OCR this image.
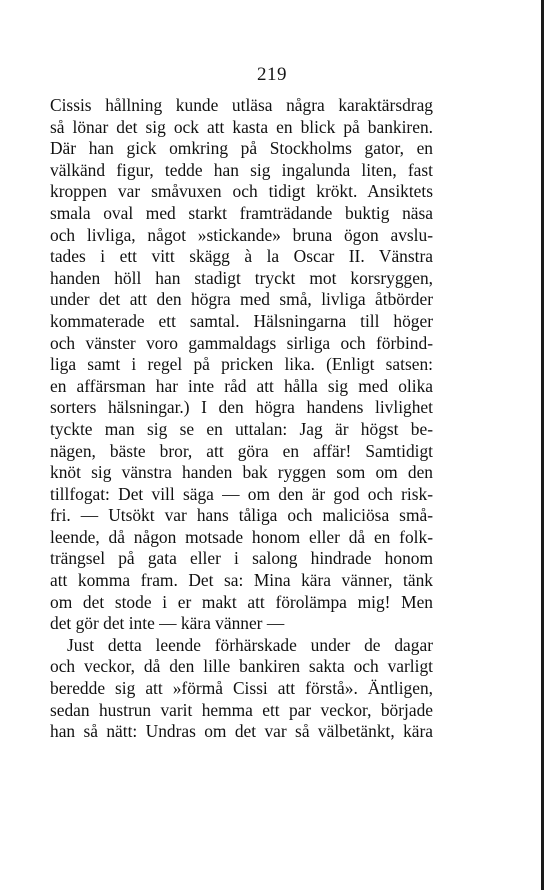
219
Cissis hållning kunde utläsa några karaktärsdrag
så lönar det sig ock att kasta en blick på bankiren.
Där han gick omkring på Stockholms gator, en
välkänd figur, tedde han sig ingalunda liten, fast
kroppen var småvuxen och tidigt krökt. Ansiktets
smala oval med starkt framträdande buktig näsa
och livliga, något »stickande» bruna ögon avslu-
tades i ett vitt skägg à la Oscar II. Vänstra
handen höll han stadigt tryckt mot korsryggen,
under det att den högra med små, livliga åtbörder
kommaterade ett samtal. Hälsningarna till höger
och vänster voro gammaldags sirliga och förbind-
liga samt i regel på pricken lika. (Enligt satsen:
en affärsman har inte råd att hålla sig med olika
sorters hälsningar.) I den högra handens livlighet
tyckte man sig se en uttalan: Jag är högst be-
nägen, bäste bror, att göra en affär! Samtidigt
knöt sig vänstra handen bak ryggen som om den
tillfogat: Det vill säga — om den är god och risk-
fri. — Utsökt var hans tåliga och maliciösa små-
leende, då någon motsade honom eller då en folk-
trängsel på gata eller i salong hindrade honom
att komma fram. Det sa: Mina kära vänner, tänk
om det stode i er makt att förolämpa mig! Men
det gör det inte — kära vänner —
Just detta leende förhärskade under de dagar
och veckor, då den lille bankiren sakta och varligt
beredde sig att »förmå Cissi att förstå». Äntligen,
sedan hustrun varit hemma ett par veckor, började
han så nätt: Undras om det var så välbetänkt, kära
